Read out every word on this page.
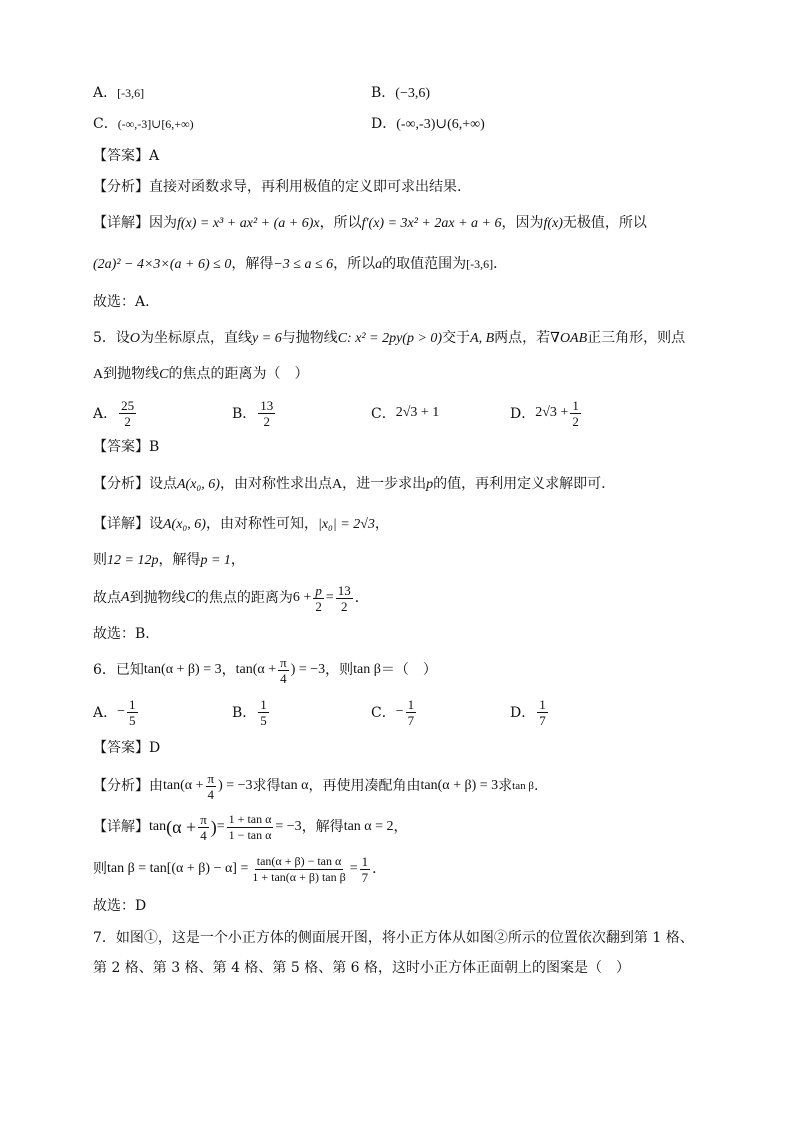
A．[-3,6]	B．(−3,6)
C．(-∞,-3]∪[6,+∞)	D．(-∞,-3)∪(6,+∞)
【答案】A
【分析】直接对函数求导，再利用极值的定义即可求出结果.
【详解】因为f(x) = x³ + ax² + (a + 6)x，所以f′(x) = 3x² + 2ax + a + 6，因为f(x)无极值，所以
(2a)² − 4×3×(a + 6) ≤ 0，解得−3 ≤ a ≤ 6，所以a的取值范围为[-3,6]．
故选：A.
5．设O为坐标原点，直线y = 6与抛物线C: x² = 2py(p > 0)交于A, B两点，若∇OAB正三角形，则点
A到抛物线C的焦点的距离为（　）
A． $\frac{25}{2}$	B． $\frac{13}{2}$	C． 2√3 + 1	D． $2√3 + \frac{1}{2}$
【答案】B
【分析】设点A(x₀, 6)，由对称性求出点A，进一步求出p的值，再利用定义求解即可.
【详解】设A(x₀, 6)，由对称性可知，|x₀| = 2√3，
则12 = 12p，解得p = 1，
故点 A 到抛物线 C 的焦点的距离为 $6 + \frac{p}{2} = \frac{13}{2}$ ．
故选：B.
6．已知 tan(α + β) = 3 ， $\tan(\alpha + \frac{\pi}{4}$ ) = −3 ，则 tan β ＝（　）
A． − $\frac{1}{5}$	B． $\frac{1}{5}$	C． − $\frac{1}{7}$	D． $\frac{1}{7}$
【答案】D
【分析】 由 $\tan(\alpha + \frac{\pi}{4}$ ) = −3 求得 tan α ，再使用凑配角由 tan(α + β) = 3 求 tan β .
【详解】 $\tan (\alpha + \frac{\pi}{4}$ ) = $\frac{\text{1 + tan α}}{\text{1 − tan α}} = -3$ ，解得 tan α = 2 ，
则 $\tan \beta = \tan[(\alpha + \beta) - \alpha] = \frac{\text{tan(α + β) − tan α}}{\text{1 + tan(α + β) tan β}} = \frac{1}{7}$ ．
故选：D
7．如图①，这是一个小正方体的侧面展开图，将小正方体从如图②所示的位置依次翻到第 1 格、
第 2 格、第 3 格、第 4 格、第 5 格、第 6 格，这时小正方体正面朝上的图案是（　）
